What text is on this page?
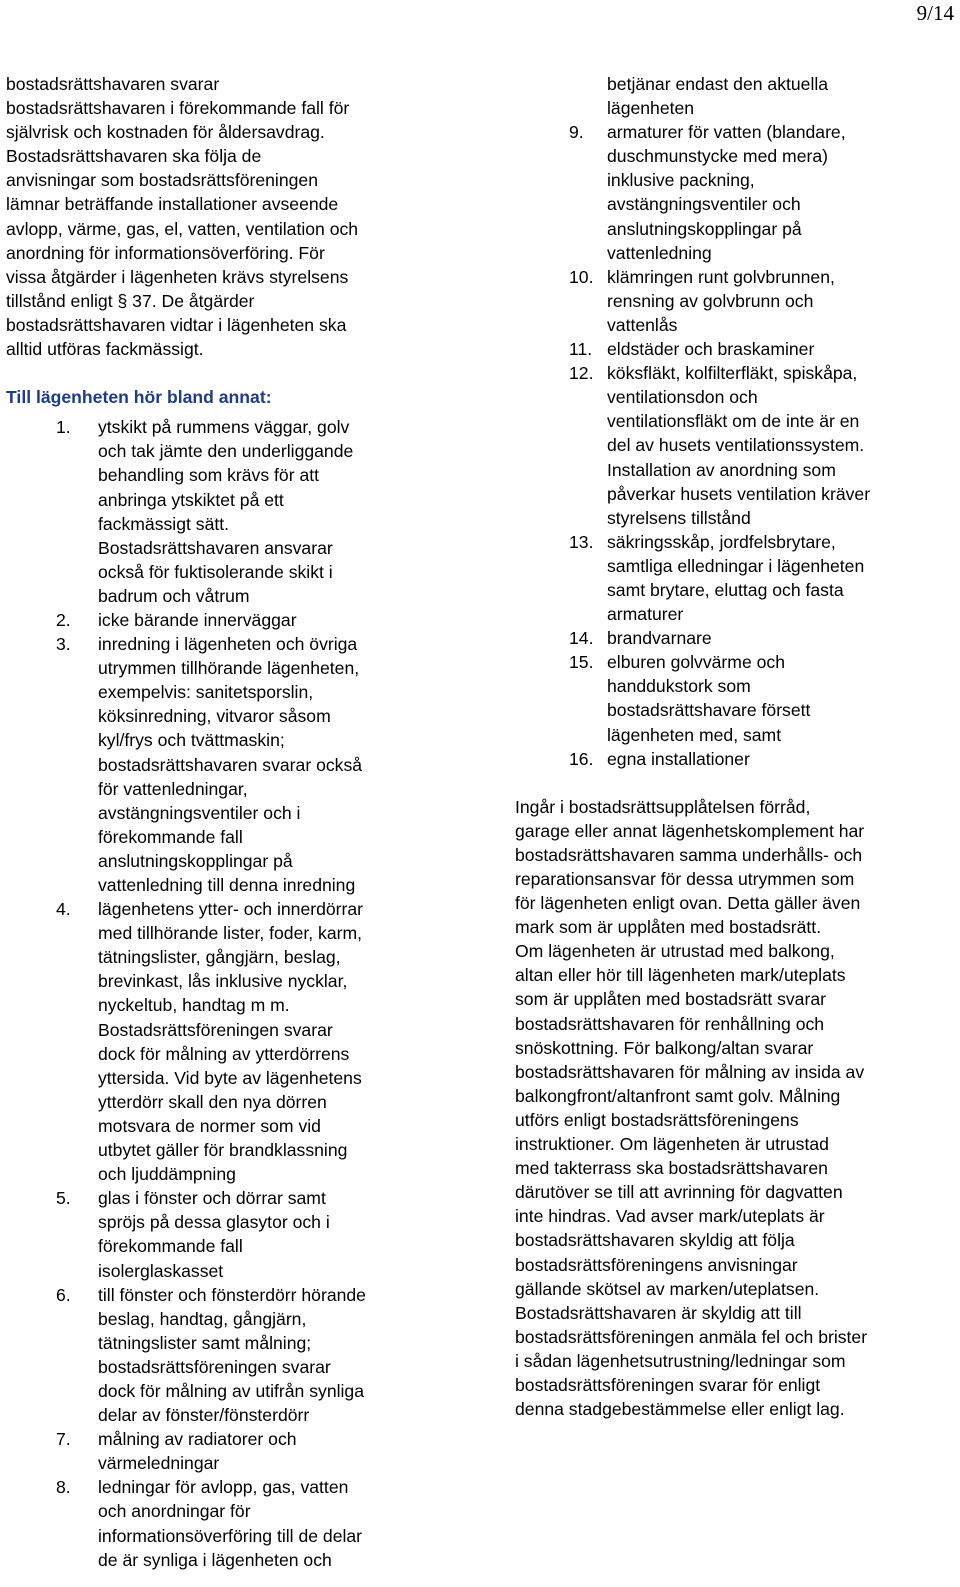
9/14

bostadsrättshavaren svarar
bostadsrättshavaren i förekommande fall för
självrisk och kostnaden för åldersavdrag.
Bostadsrättshavaren ska följa de
anvisningar som bostadsrättsföreningen
lämnar beträffande installationer avseende
avlopp, värme, gas, el, vatten, ventilation och
anordning för informationsöverföring. För
vissa åtgärder i lägenheten krävs styrelsens
tillstånd enligt § 37. De åtgärder
bostadsrättshavaren vidtar i lägenheten ska
alltid utföras fackmässigt.

Till lägenheten hör bland annat:
1. ytskikt på rummens väggar, golv
och tak jämte den underliggande
behandling som krävs för att
anbringa ytskiktet på ett
fackmässigt sätt.
Bostadsrättshavaren ansvarar
också för fuktisolerande skikt i
badrum och våtrum
2. icke bärande innerväggar
3. inredning i lägenheten och övriga
utrymmen tillhörande lägenheten,
exempelvis: sanitetsporslin,
köksinredning, vitvaror såsom
kyl/frys och tvättmaskin;
bostadsrättshavaren svarar också
för vattenledningar,
avstängningsventiler och i
förekommande fall
anslutningskopplingar på
vattenledning till denna inredning
4. lägenhetens ytter- och innerdörrar
med tillhörande lister, foder, karm,
tätningslister, gångjärn, beslag,
brevinkast, lås inklusive nycklar,
nyckeltub, handtag m m.
Bostadsrättsföreningen svarar
dock för målning av ytterdörrens
yttersida. Vid byte av lägenhetens
ytterdörr skall den nya dörren
motsvara de normer som vid
utbytet gäller för brandklassning
och ljuddämpning
5. glas i fönster och dörrar samt
spröjs på dessa glasytor och i
förekommande fall
isolerglaskasset
6. till fönster och fönsterdörr hörande
beslag, handtag, gångjärn,
tätningslister samt målning;
bostadsrättsföreningen svarar
dock för målning av utifrån synliga
delar av fönster/fönsterdörr
7. målning av radiatorer och
värmeledningar
8. ledningar för avlopp, gas, vatten
och anordningar för
informationsöverföring till de delar
de är synliga i lägenheten och
betjänar endast den aktuella
lägenheten
9. armaturer för vatten (blandare,
duschmunstycke med mera)
inklusive packning,
avstängningsventiler och
anslutningskopplingar på
vattenledning
10. klämringen runt golvbrunnen,
rensning av golvbrunn och
vattenlås
11. eldstäder och braskaminer
12. köksfläkt, kolfilterfläkt, spiskåpa,
ventilationsdon och
ventilationsfläkt om de inte är en
del av husets ventilationssystem.
Installation av anordning som
påverkar husets ventilation kräver
styrelsens tillstånd
13. säkringsskåp, jordfelsbrytare,
samtliga elledningar i lägenheten
samt brytare, eluttag och fasta
armaturer
14. brandvarnare
15. elburen golvvärme och
handdukstork som
bostadsrättshavare försett
lägenheten med, samt
16. egna installationer

Ingår i bostadsrättsupplåtelsen förråd,
garage eller annat lägenhetskomplement har
bostadsrättshavaren samma underhålls- och
reparationsansvar för dessa utrymmen som
för lägenheten enligt ovan. Detta gäller även
mark som är upplåten med bostadsrätt.

Om lägenheten är utrustad med balkong,
altan eller hör till lägenheten mark/uteplats
som är upplåten med bostadsrätt svarar
bostadsrättshavaren för renhållning och
snöskottning. För balkong/altan svarar
bostadsrättshavaren för målning av insida av
balkongfront/altanfront samt golv. Målning
utförs enligt bostadsrättsföreningens
instruktioner. Om lägenheten är utrustad
med takterrass ska bostadsrättshavaren
därutöver se till att avrinning för dagvatten
inte hindras. Vad avser mark/uteplats är
bostadsrättshavaren skyldig att följa
bostadsrättsföreningens anvisningar
gällande skötsel av marken/uteplatsen.

Bostadsrättshavaren är skyldig att till
bostadsrättsföreningen anmäla fel och brister
i sådan lägenhetsutrustning/ledningar som
bostadsrättsföreningen svarar för enligt
denna stadgebestämmelse eller enligt lag.
